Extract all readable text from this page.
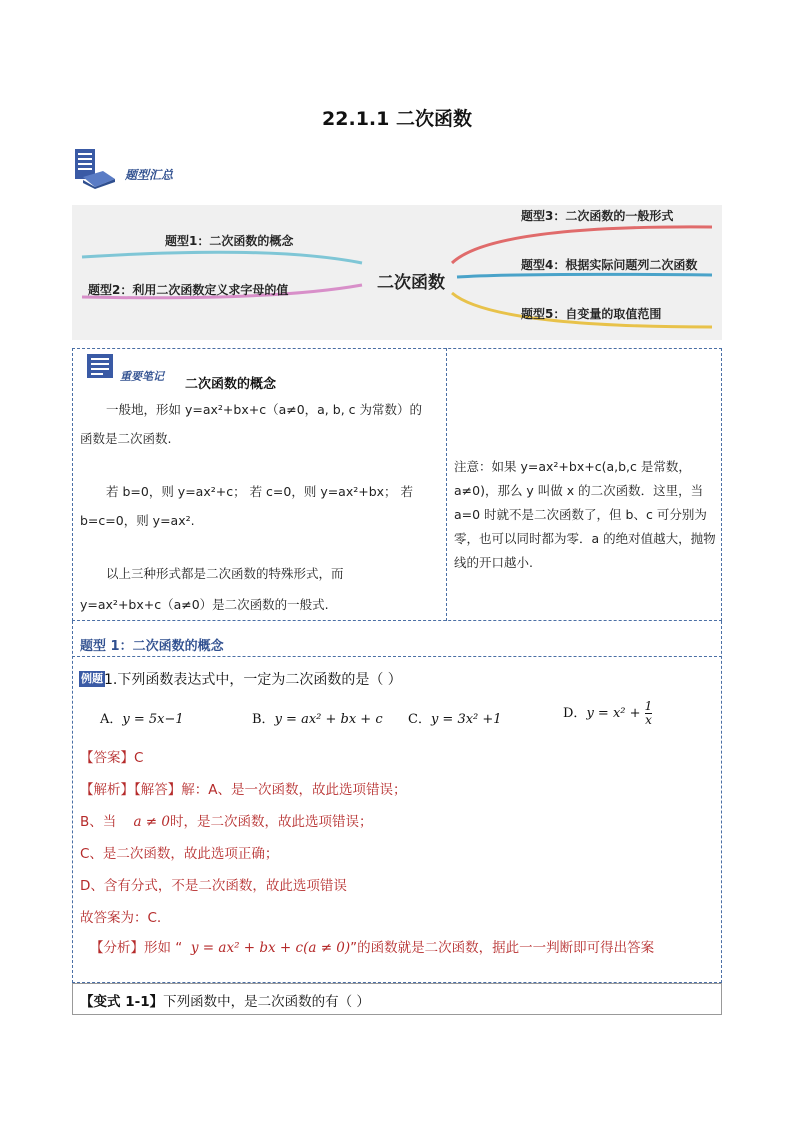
22.1.1 二次函数
题型汇总
二次函数
题型1：二次函数的概念
题型2：利用二次函数定义求字母的值
题型3：二次函数的一般形式
题型4：根据实际问题列二次函数
题型5：自变量的取值范围
重要笔记
二次函数的概念
一般地，形如 y=ax²+bx+c（a≠0，a, b, c 为常数）的
函数是二次函数.
若 b=0，则 y=ax²+c； 若 c=0，则 y=ax²+bx； 若
b=c=0，则 y=ax².
以上三种形式都是二次函数的特殊形式，而
y=ax²+bx+c（a≠0）是二次函数的一般式.
注意：如果 y=ax²+bx+c(a,b,c 是常数，a≠0)，那么 y 叫做 x 的二次函数．这里，当 a=0 时就不是二次函数了，但 b、c 可分别为零，也可以同时都为零．a 的绝对值越大，抛物线的开口越小.
题型 1：二次函数的概念
例题 1.下列函数表达式中，一定为二次函数的是（ ）
A．y = 5x−1	B．y = ax² + bx + c C．y = 3x² +1	D．$y = x^2 + \frac{1}{x}$
【答案】C
【解析】【解答】解：A、是一次函数，故此选项错误；
B、当 a ≠ 0时，是二次函数，故此选项错误；
C、是二次函数，故此选项正确；
D、含有分式，不是二次函数，故此选项错误
故答案为：C.
【分析】形如 “ y = ax² + bx + c(a ≠ 0)”的函数就是二次函数，据此一一判断即可得出答案
【变式 1-1】下列函数中，是二次函数的有（ ）
